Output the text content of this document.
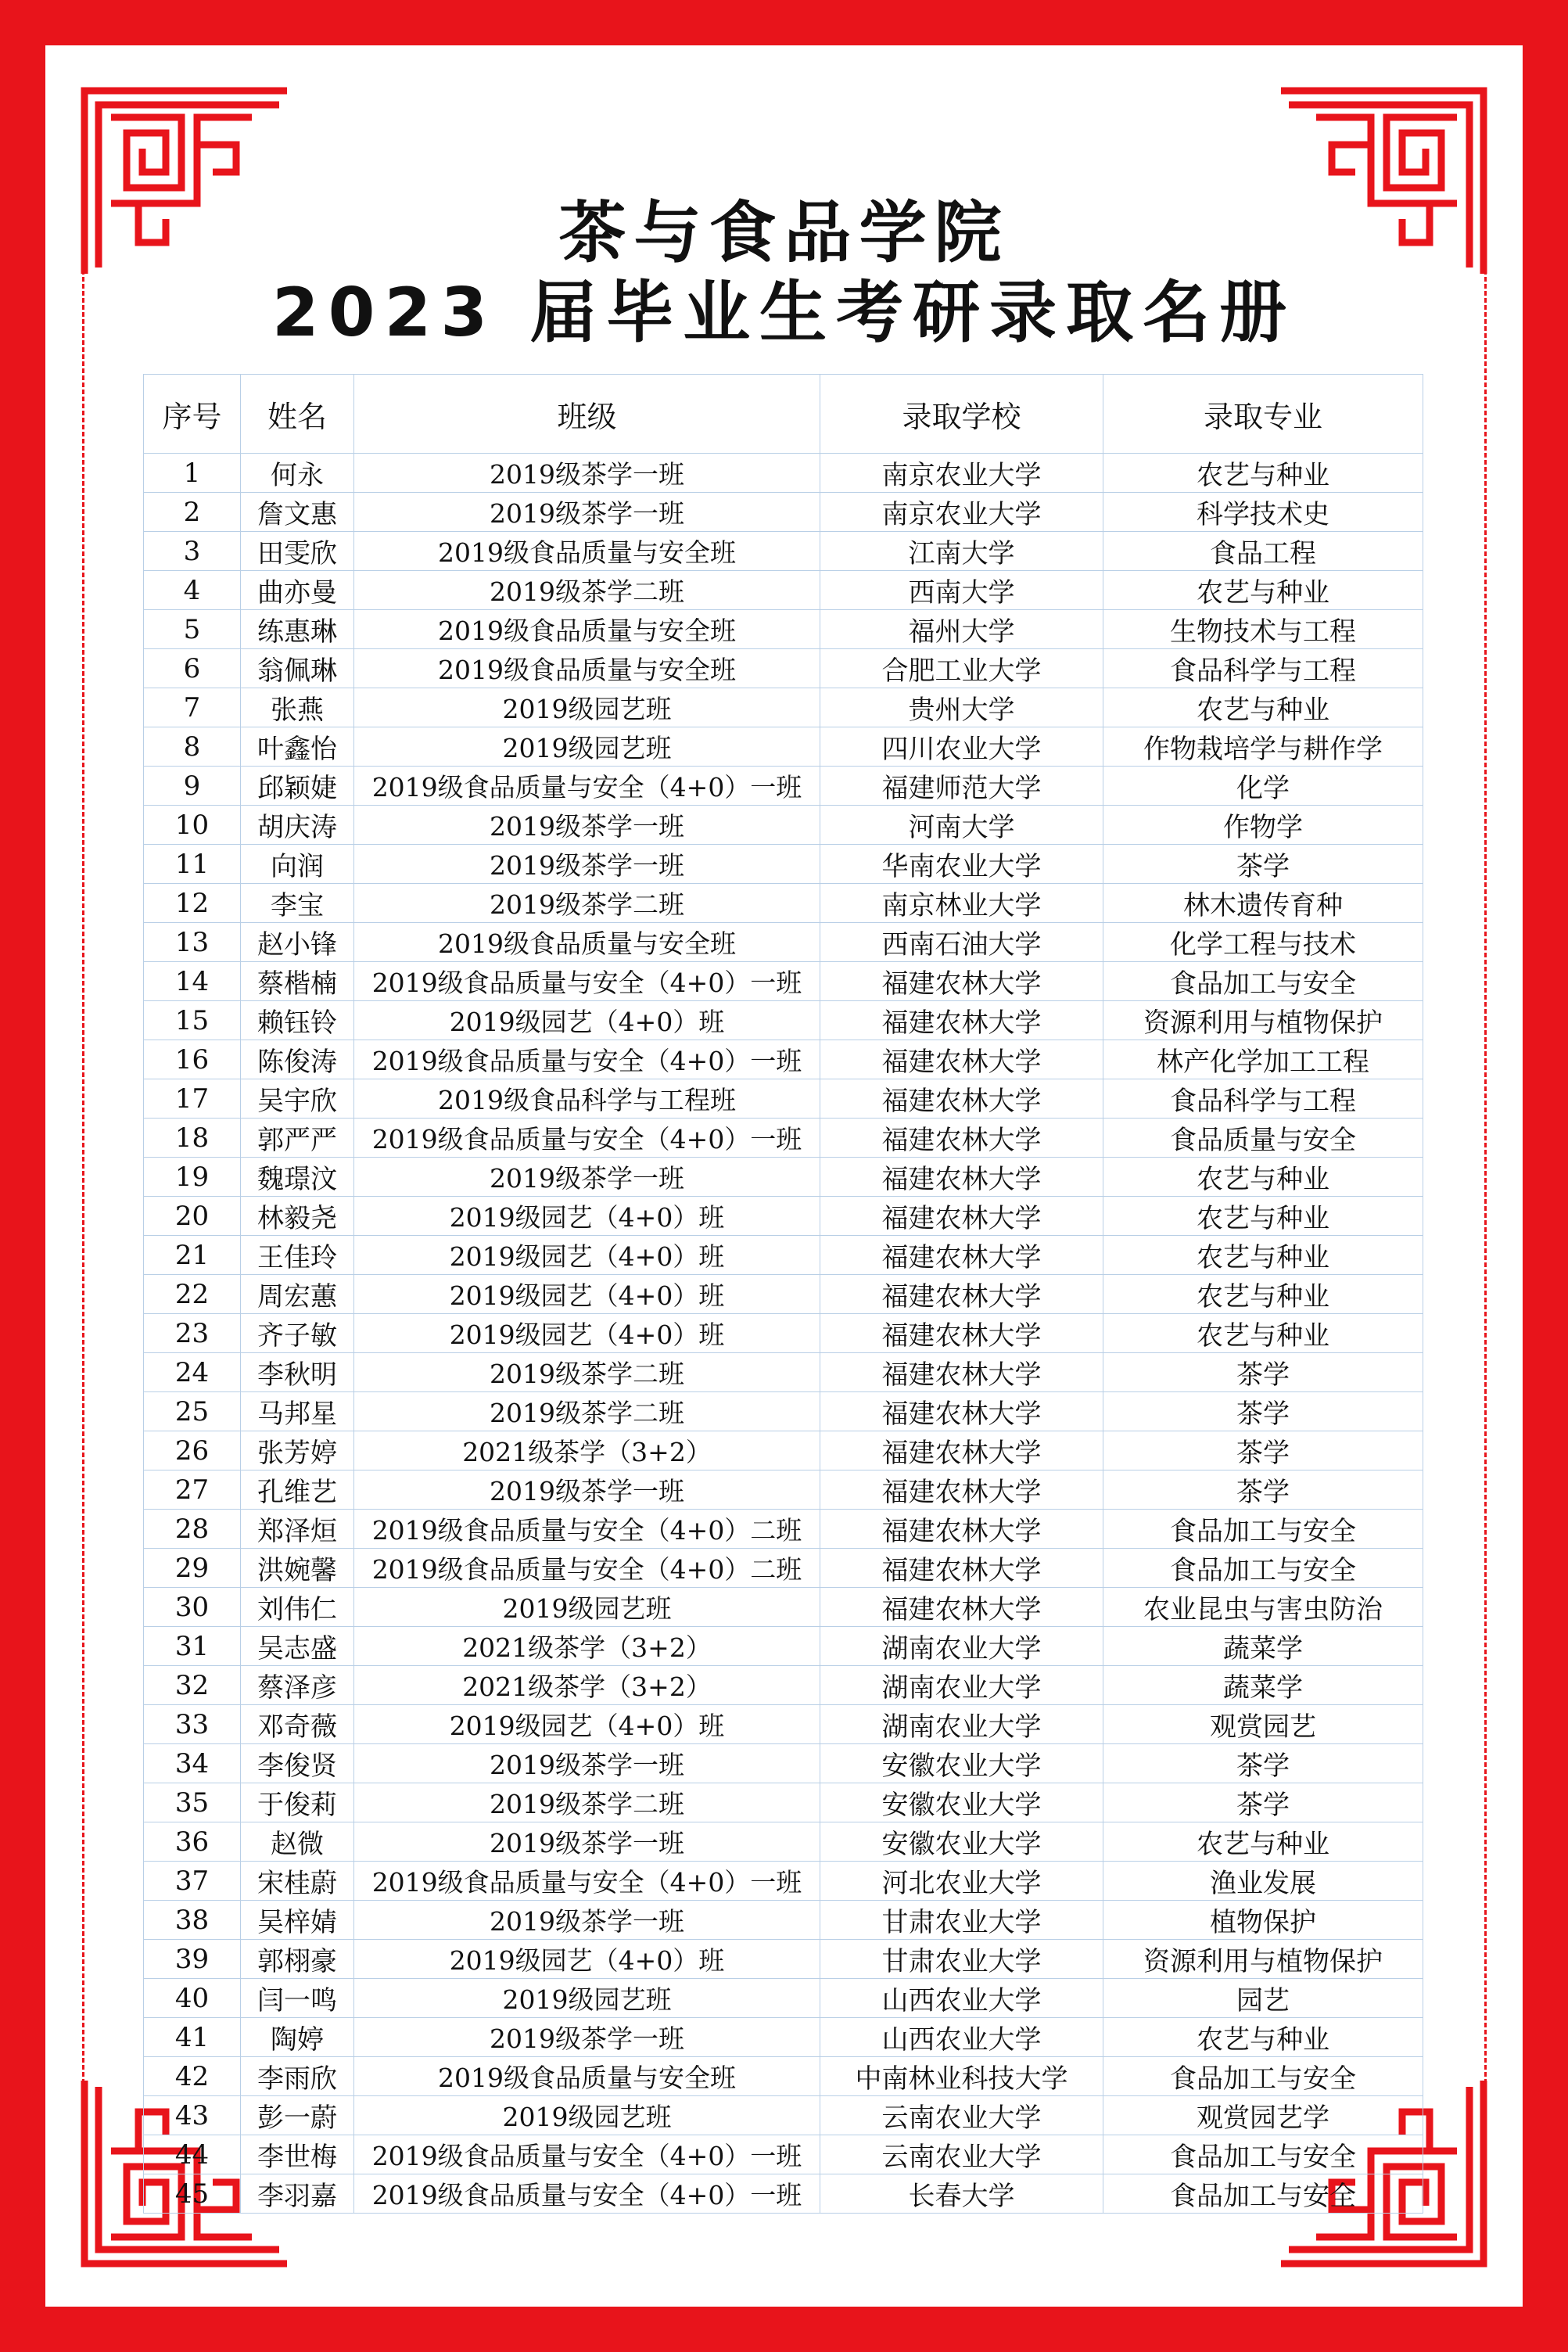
茶与食品学院
2023 届毕业生考研录取名册
序号	姓名	班级	录取学校	录取专业
1	何永	2019级茶学一班	南京农业大学	农艺与种业
2	詹文惠	2019级茶学一班	南京农业大学	科学技术史
3	田雯欣	2019级食品质量与安全班	江南大学	食品工程
4	曲亦曼	2019级茶学二班	西南大学	农艺与种业
5	练惠琳	2019级食品质量与安全班	福州大学	生物技术与工程
6	翁佩琳	2019级食品质量与安全班	合肥工业大学	食品科学与工程
7	张燕	2019级园艺班	贵州大学	农艺与种业
8	叶鑫怡	2019级园艺班	四川农业大学	作物栽培学与耕作学
9	邱颖婕	2019级食品质量与安全（4+0）一班	福建师范大学	化学
10	胡庆涛	2019级茶学一班	河南大学	作物学
11	向润	2019级茶学一班	华南农业大学	茶学
12	李宝	2019级茶学二班	南京林业大学	林木遗传育种
13	赵小锋	2019级食品质量与安全班	西南石油大学	化学工程与技术
14	蔡楷楠	2019级食品质量与安全（4+0）一班	福建农林大学	食品加工与安全
15	赖钰铃	2019级园艺（4+0）班	福建农林大学	资源利用与植物保护
16	陈俊涛	2019级食品质量与安全（4+0）一班	福建农林大学	林产化学加工工程
17	吴宇欣	2019级食品科学与工程班	福建农林大学	食品科学与工程
18	郭严严	2019级食品质量与安全（4+0）一班	福建农林大学	食品质量与安全
19	魏璟汶	2019级茶学一班	福建农林大学	农艺与种业
20	林毅尧	2019级园艺（4+0）班	福建农林大学	农艺与种业
21	王佳玲	2019级园艺（4+0）班	福建农林大学	农艺与种业
22	周宏蕙	2019级园艺（4+0）班	福建农林大学	农艺与种业
23	齐子敏	2019级园艺（4+0）班	福建农林大学	农艺与种业
24	李秋明	2019级茶学二班	福建农林大学	茶学
25	马邦星	2019级茶学二班	福建农林大学	茶学
26	张芳婷	2021级茶学（3+2）	福建农林大学	茶学
27	孔维艺	2019级茶学一班	福建农林大学	茶学
28	郑泽烜	2019级食品质量与安全（4+0）二班	福建农林大学	食品加工与安全
29	洪婉馨	2019级食品质量与安全（4+0）二班	福建农林大学	食品加工与安全
30	刘伟仁	2019级园艺班	福建农林大学	农业昆虫与害虫防治
31	吴志盛	2021级茶学（3+2）	湖南农业大学	蔬菜学
32	蔡泽彦	2021级茶学（3+2）	湖南农业大学	蔬菜学
33	邓奇薇	2019级园艺（4+0）班	湖南农业大学	观赏园艺
34	李俊贤	2019级茶学一班	安徽农业大学	茶学
35	于俊莉	2019级茶学二班	安徽农业大学	茶学
36	赵微	2019级茶学一班	安徽农业大学	农艺与种业
37	宋桂蔚	2019级食品质量与安全（4+0）一班	河北农业大学	渔业发展
38	吴梓婧	2019级茶学一班	甘肃农业大学	植物保护
39	郭栩豪	2019级园艺（4+0）班	甘肃农业大学	资源利用与植物保护
40	闫一鸣	2019级园艺班	山西农业大学	园艺
41	陶婷	2019级茶学一班	山西农业大学	农艺与种业
42	李雨欣	2019级食品质量与安全班	中南林业科技大学	食品加工与安全
43	彭一蔚	2019级园艺班	云南农业大学	观赏园艺学
44	李世梅	2019级食品质量与安全（4+0）一班	云南农业大学	食品加工与安全
45	李羽嘉	2019级食品质量与安全（4+0）一班	长春大学	食品加工与安全
